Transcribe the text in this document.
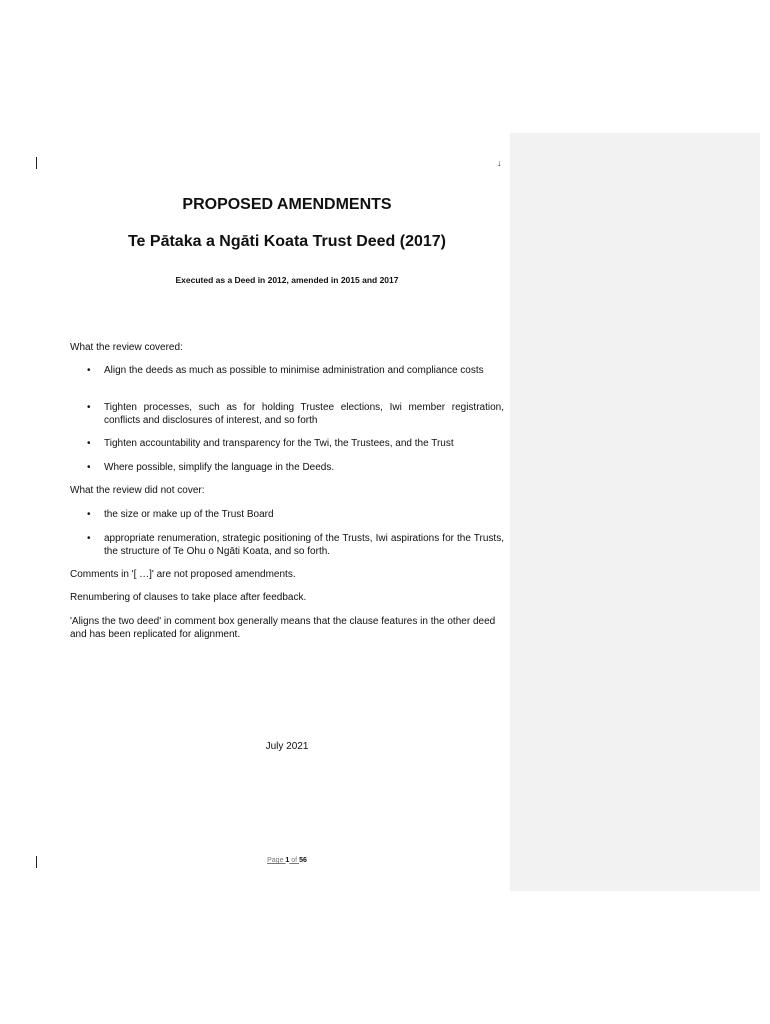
↓
PROPOSED AMENDMENTS
Te Pātaka a Ngāti Koata Trust Deed (2017)
Executed as a Deed in 2012, amended in 2015 and 2017
What the review covered:
• Align the deeds as much as possible to minimise administration and compliance costs
• Tighten processes, such as for holding Trustee elections, Iwi member registration, conflicts and disclosures of interest, and so forth
• Tighten accountability and transparency for the Twi, the Trustees, and the Trust
• Where possible, simplify the language in the Deeds.
What the review did not cover:
• the size or make up of the Trust Board
• appropriate renumeration, strategic positioning of the Trusts, Iwi aspirations for the Trusts, the structure of Te Ohu o Ngāti Koata, and so forth.
Comments in '[ …]' are not proposed amendments.
Renumbering of clauses to take place after feedback.
'Aligns the two deed' in comment box generally means that the clause features in the other deed and has been replicated for alignment.
July 2021
Page 1 of 56
